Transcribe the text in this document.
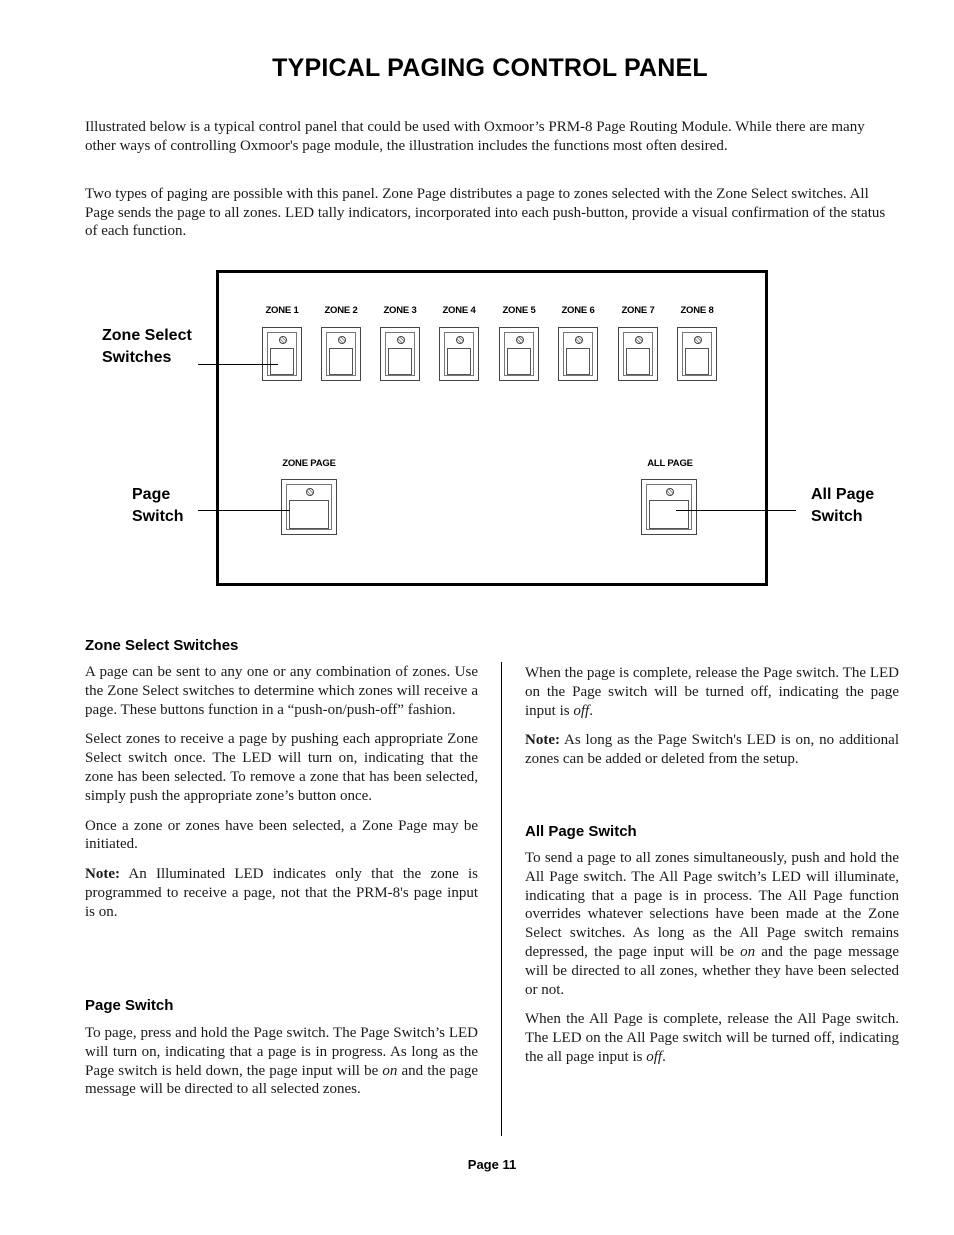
TYPICAL PAGING CONTROL PANEL

Illustrated below is a typical control panel that could be used with Oxmoor’s PRM-8 Page Routing Module. While there are many other ways of controlling Oxmoor's page module, the illustration includes the functions most often desired.

Two types of paging are possible with this panel. Zone Page distributes a page to zones selected with the Zone Select switches. All Page sends the page to all zones. LED tally indicators, incorporated into each push-button, provide a visual confirmation of the status of each function.

ZONE 1	ZONE 2	ZONE 3	ZONE 4	ZONE 5	ZONE 6	ZONE 7	ZONE 8
ZONE PAGE	ALL PAGE
Zone Select
Switches
Page
Switch
All Page
Switch
Zone Select Switches

A page can be sent to any one or any combination of zones. Use the Zone Select switches to determine which zones will receive a page. These buttons function in a “push-on/push-off” fashion.

Select zones to receive a page by pushing each appropriate Zone Select switch once. The LED will turn on, indicating that the zone has been selected. To remove a zone that has been selected, simply push the appropriate zone’s button once.

Once a zone or zones have been selected, a Zone Page may be initiated.

Note: An Illuminated LED indicates only that the zone is programmed to receive a page, not that the PRM-8's page input is on.

Page Switch

To page, press and hold the Page switch. The Page Switch’s LED will turn on, indicating that a page is in progress. As long as the Page switch is held down, the page input will be on and the page message will be directed to all selected zones.

When the page is complete, release the Page switch. The LED on the Page switch will be turned off, indicating the page input is off.

Note: As long as the Page Switch's LED is on, no additional zones can be added or deleted from the setup.

All Page Switch

To send a page to all zones simultaneously, push and hold the All Page switch. The All Page switch’s LED will illuminate, indicating that a page is in process. The All Page function overrides whatever selections have been made at the Zone Select switches. As long as the All Page switch remains depressed, the page input will be on and the page message will be directed to all zones, whether they have been selected or not.

When the All Page is complete, release the All Page switch. The LED on the All Page switch will be turned off, indicating the all page input is off.

Page 11
